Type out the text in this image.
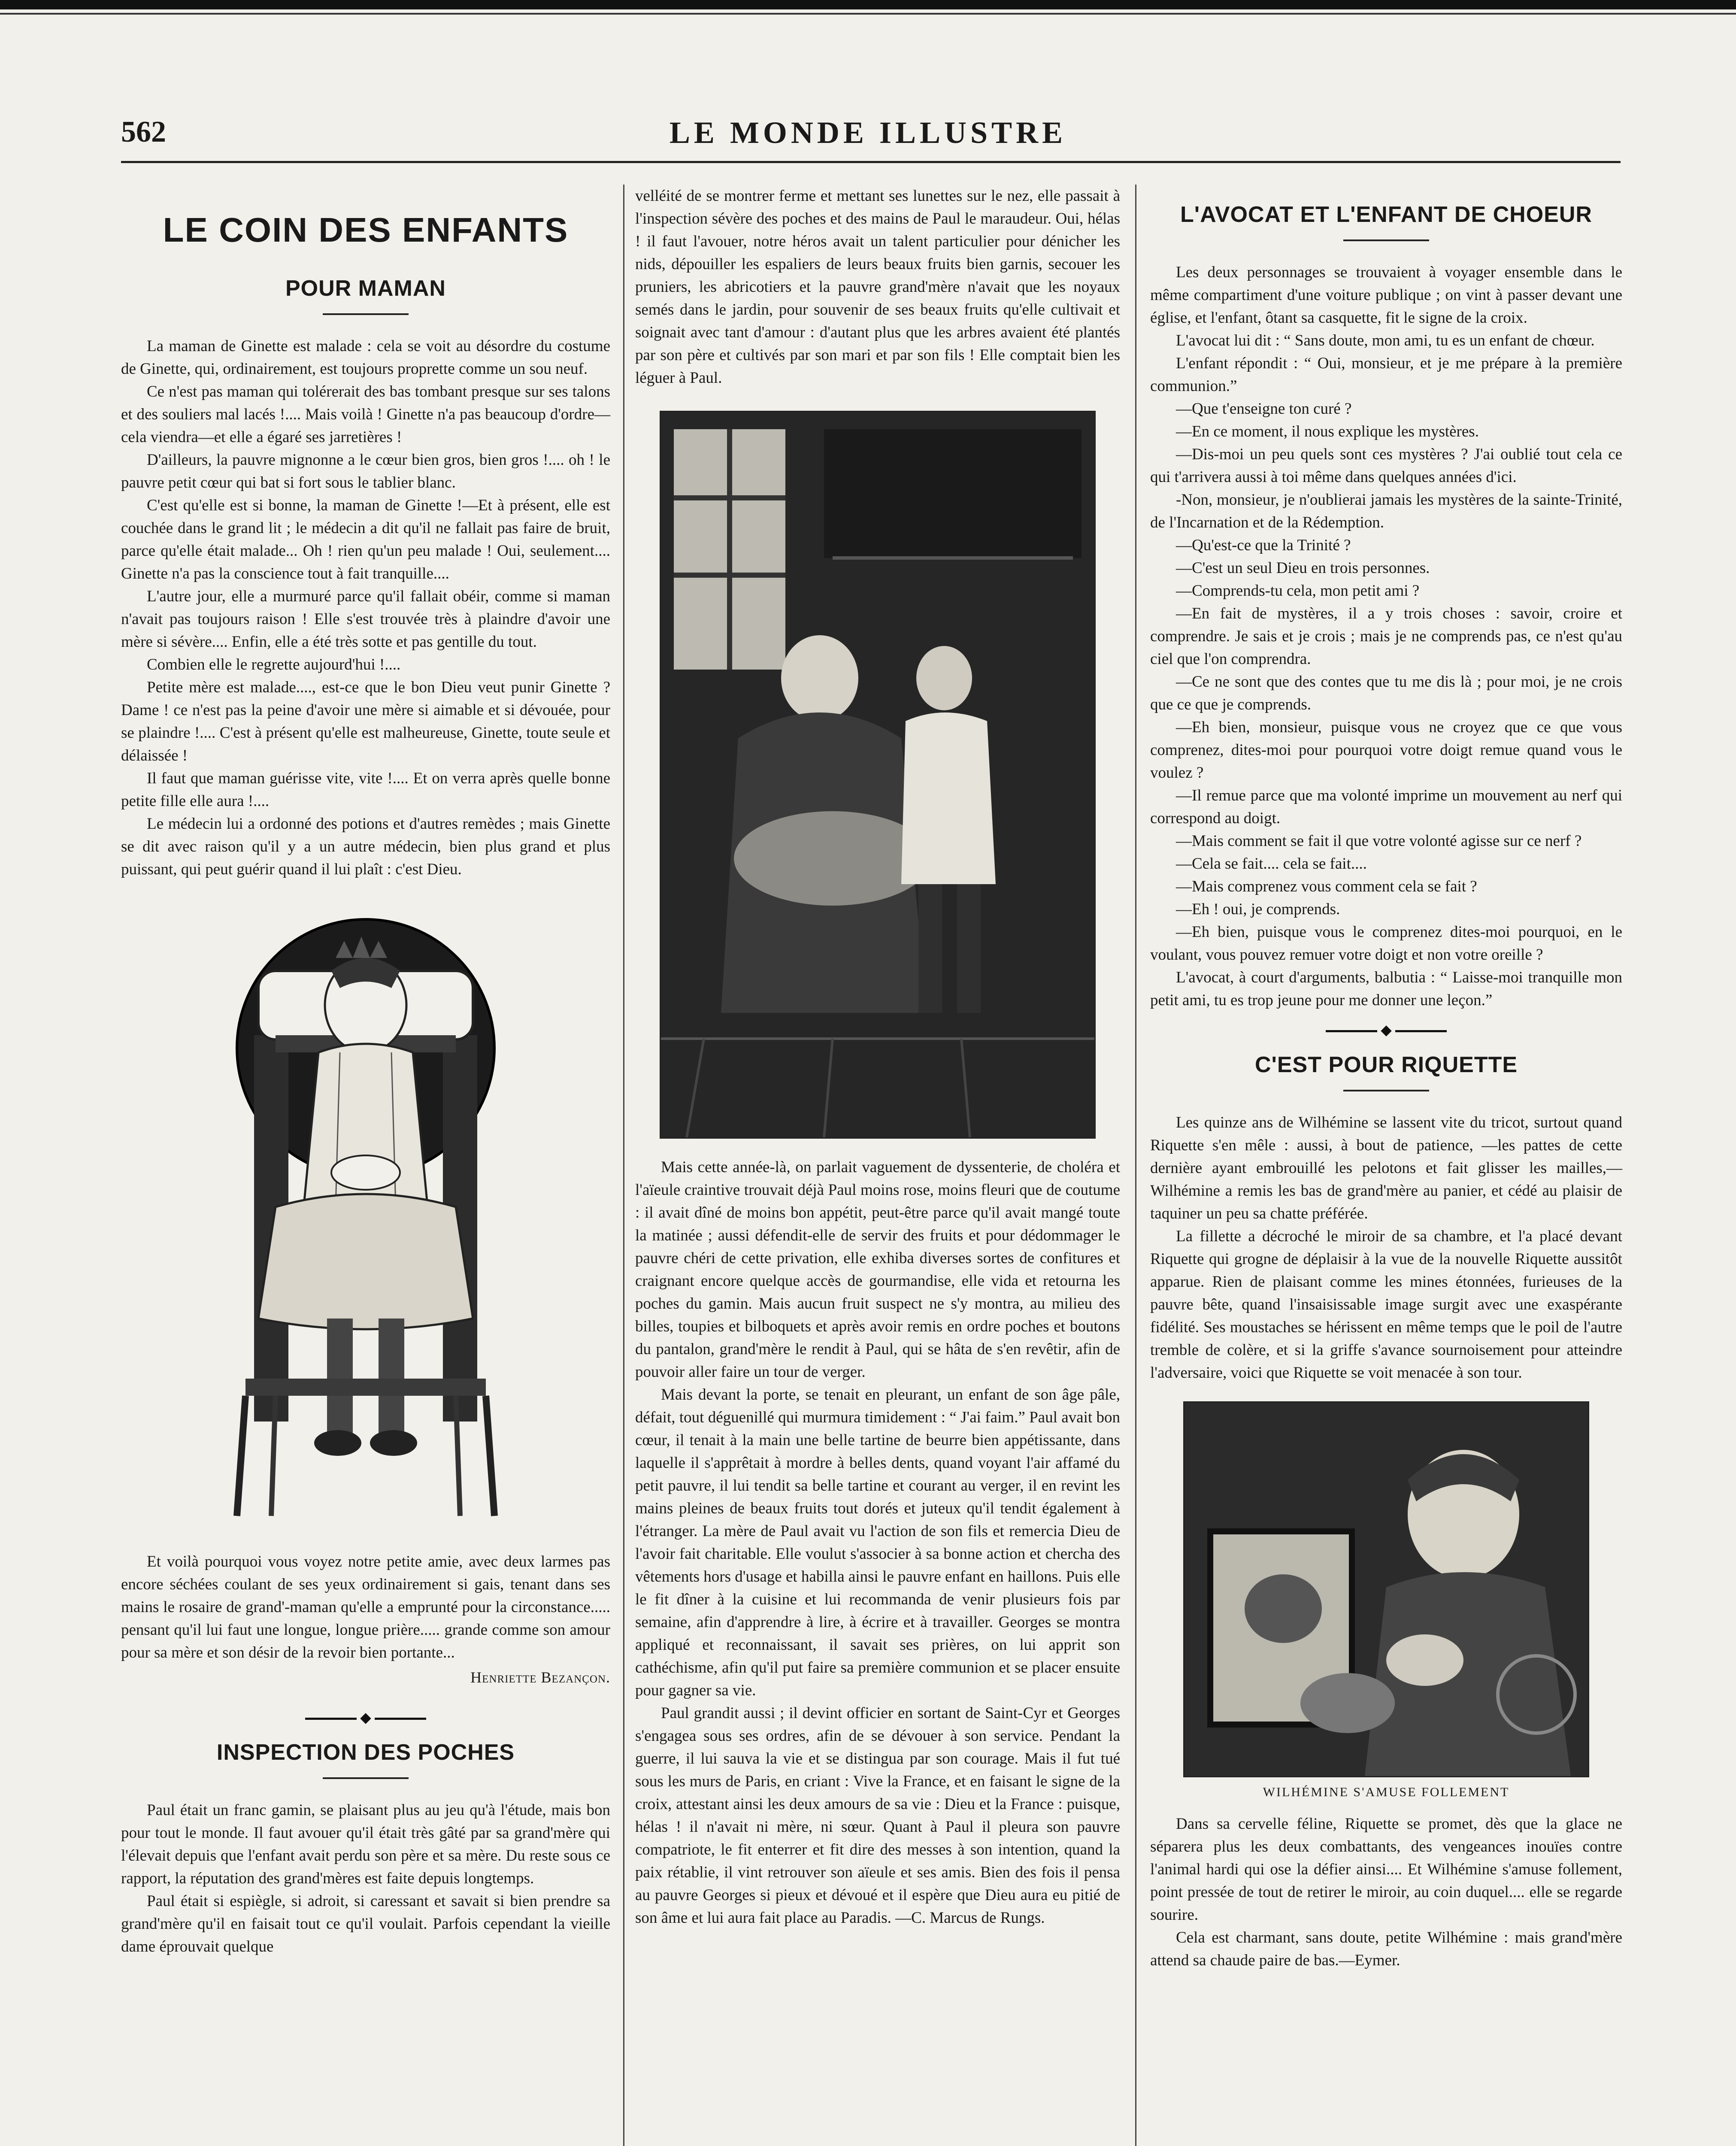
562	LE MONDE ILLUSTRE
LE COIN DES ENFANTS
POUR MAMAN

La maman de Ginette est malade : cela se voit au désordre du costume de Ginette, qui, ordinairement, est toujours proprette comme un sou neuf.

Ce n'est pas maman qui tolérerait des bas tombant presque sur ses talons et des souliers mal lacés !.... Mais voilà ! Ginette n'a pas beaucoup d'ordre—cela viendra—et elle a égaré ses jarretières !

D'ailleurs, la pauvre mignonne a le cœur bien gros, bien gros !.... oh ! le pauvre petit cœur qui bat si fort sous le tablier blanc.

C'est qu'elle est si bonne, la maman de Ginette !—Et à présent, elle est couchée dans le grand lit ; le médecin a dit qu'il ne fallait pas faire de bruit, parce qu'elle était malade... Oh ! rien qu'un peu malade ! Oui, seulement.... Ginette n'a pas la conscience tout à fait tranquille....

L'autre jour, elle a murmuré parce qu'il fallait obéir, comme si maman n'avait pas toujours raison ! Elle s'est trouvée très à plaindre d'avoir une mère si sévère.... Enfin, elle a été très sotte et pas gentille du tout.

Combien elle le regrette aujourd'hui !....

Petite mère est malade...., est-ce que le bon Dieu veut punir Ginette ? Dame ! ce n'est pas la peine d'avoir une mère si aimable et si dévouée, pour se plaindre !.... C'est à présent qu'elle est malheureuse, Ginette, toute seule et délaissée !

Il faut que maman guérisse vite, vite !.... Et on verra après quelle bonne petite fille elle aura !....

Le médecin lui a ordonné des potions et d'autres remèdes ; mais Ginette se dit avec raison qu'il y a un autre médecin, bien plus grand et plus puissant, qui peut guérir quand il lui plaît : c'est Dieu.

Et voilà pourquoi vous voyez notre petite amie, avec deux larmes pas encore séchées coulant de ses yeux ordinairement si gais, tenant dans ses mains le rosaire de grand'-maman qu'elle a emprunté pour la circonstance..... pensant qu'il lui faut une longue, longue prière..... grande comme son amour pour sa mère et son désir de la revoir bien portante...

Henriette Bezançon.
INSPECTION DES POCHES

Paul était un franc gamin, se plaisant plus au jeu qu'à l'étude, mais bon pour tout le monde. Il faut avouer qu'il était très gâté par sa grand'mère qui l'élevait depuis que l'enfant avait perdu son père et sa mère. Du reste sous ce rapport, la réputation des grand'mères est faite depuis longtemps.

Paul était si espiègle, si adroit, si caressant et savait si bien prendre sa grand'mère qu'il en faisait tout ce qu'il voulait. Parfois cependant la vieille dame éprouvait quelque

velléité de se montrer ferme et mettant ses lunettes sur le nez, elle passait à l'inspection sévère des poches et des mains de Paul le maraudeur. Oui, hélas ! il faut l'avouer, notre héros avait un talent particulier pour dénicher les nids, dépouiller les espaliers de leurs beaux fruits bien garnis, secouer les pruniers, les abricotiers et la pauvre grand'mère n'avait que les noyaux semés dans le jardin, pour souvenir de ses beaux fruits qu'elle cultivait et soignait avec tant d'amour : d'autant plus que les arbres avaient été plantés par son père et cultivés par son mari et par son fils ! Elle comptait bien les léguer à Paul.

Mais cette année-là, on parlait vaguement de dyssenterie, de choléra et l'aïeule craintive trouvait déjà Paul moins rose, moins fleuri que de coutume : il avait dîné de moins bon appétit, peut-être parce qu'il avait mangé toute la matinée ; aussi défendit-elle de servir des fruits et pour dédommager le pauvre chéri de cette privation, elle exhiba diverses sortes de confitures et craignant encore quelque accès de gourmandise, elle vida et retourna les poches du gamin. Mais aucun fruit suspect ne s'y montra, au milieu des billes, toupies et bilboquets et après avoir remis en ordre poches et boutons du pantalon, grand'mère le rendit à Paul, qui se hâta de s'en revêtir, afin de pouvoir aller faire un tour de verger.

Mais devant la porte, se tenait en pleurant, un enfant de son âge pâle, défait, tout déguenillé qui murmura timidement : “ J'ai faim.” Paul avait bon cœur, il tenait à la main une belle tartine de beurre bien appétissante, dans laquelle il s'apprêtait à mordre à belles dents, quand voyant l'air affamé du petit pauvre, il lui tendit sa belle tartine et courant au verger, il en revint les mains pleines de beaux fruits tout dorés et juteux qu'il tendit également à l'étranger. La mère de Paul avait vu l'action de son fils et remercia Dieu de l'avoir fait charitable. Elle voulut s'associer à sa bonne action et chercha des vêtements hors d'usage et habilla ainsi le pauvre enfant en haillons. Puis elle le fit dîner à la cuisine et lui recommanda de venir plusieurs fois par semaine, afin d'apprendre à lire, à écrire et à travailler. Georges se montra appliqué et reconnaissant, il savait ses prières, on lui apprit son cathéchisme, afin qu'il put faire sa première communion et se placer ensuite pour gagner sa vie.

Paul grandit aussi ; il devint officier en sortant de Saint-Cyr et Georges s'engagea sous ses ordres, afin de se dévouer à son service. Pendant la guerre, il lui sauva la vie et se distingua par son courage. Mais il fut tué sous les murs de Paris, en criant : Vive la France, et en faisant le signe de la croix, attestant ainsi les deux amours de sa vie : Dieu et la France : puisque, hélas ! il n'avait ni mère, ni sœur. Quant à Paul il pleura son pauvre compatriote, le fit enterrer et fit dire des messes à son intention, quand la paix rétablie, il vint retrouver son aïeule et ses amis. Bien des fois il pensa au pauvre Georges si pieux et dévoué et il espère que Dieu aura eu pitié de son âme et lui aura fait place au Paradis. —C. Marcus de Rungs.

L'AVOCAT ET L'ENFANT DE CHOEUR

Les deux personnages se trouvaient à voyager ensemble dans le même compartiment d'une voiture publique ; on vint à passer devant une église, et l'enfant, ôtant sa casquette, fit le signe de la croix.

L'avocat lui dit : “ Sans doute, mon ami, tu es un enfant de chœur.

L'enfant répondit : “ Oui, monsieur, et je me prépare à la première communion.”

—Que t'enseigne ton curé ?

—En ce moment, il nous explique les mystères.

—Dis-moi un peu quels sont ces mystères ? J'ai oublié tout cela ce qui t'arrivera aussi à toi même dans quelques années d'ici.

-Non, monsieur, je n'oublierai jamais les mystères de la sainte-Trinité, de l'Incarnation et de la Rédemption.

—Qu'est-ce que la Trinité ?

—C'est un seul Dieu en trois personnes.

—Comprends-tu cela, mon petit ami ?

—En fait de mystères, il a y trois choses : savoir, croire et comprendre. Je sais et je crois ; mais je ne comprends pas, ce n'est qu'au ciel que l'on comprendra.

—Ce ne sont que des contes que tu me dis là ; pour moi, je ne crois que ce que je comprends.

—Eh bien, monsieur, puisque vous ne croyez que ce que vous comprenez, dites-moi pour pourquoi votre doigt remue quand vous le voulez ?

—Il remue parce que ma volonté imprime un mouvement au nerf qui correspond au doigt.

—Mais comment se fait il que votre volonté agisse sur ce nerf ?

—Cela se fait.... cela se fait....

—Mais comprenez vous comment cela se fait ?

—Eh ! oui, je comprends.

—Eh bien, puisque vous le comprenez dites-moi pourquoi, en le voulant, vous pouvez remuer votre doigt et non votre oreille ?

L'avocat, à court d'arguments, balbutia : “ Laisse-moi tranquille mon petit ami, tu es trop jeune pour me donner une leçon.”

C'EST POUR RIQUETTE

Les quinze ans de Wilhémine se lassent vite du tricot, surtout quand Riquette s'en mêle : aussi, à bout de patience, —les pattes de cette dernière ayant embrouillé les pelotons et fait glisser les mailles,—Wilhémine a remis les bas de grand'mère au panier, et cédé au plaisir de taquiner un peu sa chatte préférée.

La fillette a décroché le miroir de sa chambre, et l'a placé devant Riquette qui grogne de déplaisir à la vue de la nouvelle Riquette aussitôt apparue. Rien de plaisant comme les mines étonnées, furieuses de la pauvre bête, quand l'insaisissable image surgit avec une exaspérante fidélité. Ses moustaches se hérissent en même temps que le poil de l'autre tremble de colère, et si la griffe s'avance sournoisement pour atteindre l'adversaire, voici que Riquette se voit menacée à son tour.

WILHÉMINE S'AMUSE FOLLEMENT

Dans sa cervelle féline, Riquette se promet, dès que la glace ne séparera plus les deux combattants, des vengeances inouïes contre l'animal hardi qui ose la défier ainsi.... Et Wilhémine s'amuse follement, point pressée de tout de retirer le miroir, au coin duquel.... elle se regarde sourire.

Cela est charmant, sans doute, petite Wilhémine : mais grand'mère attend sa chaude paire de bas.—Eymer.
